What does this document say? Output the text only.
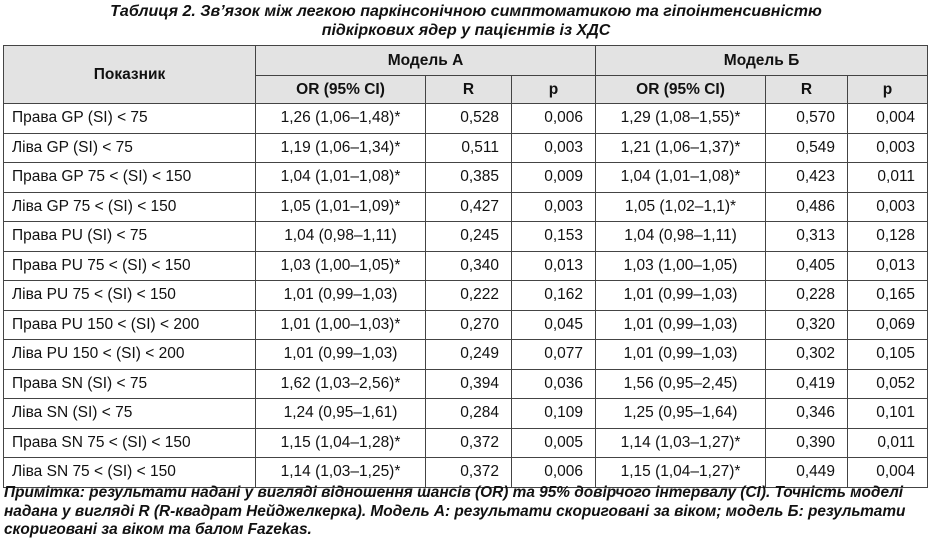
Таблиця 2. Зв’язок між легкою паркінсонічною симптоматикою та гіпоінтенсивністю
підкіркових ядер у пацієнтів із ХДС
Показник	Модель А			Модель Б		
	OR (95% CI)	R	p	OR (95% CI)	R	p
Права GP (SI) < 75	1,26 (1,06–1,48)*	0,528	0,006	1,29 (1,08–1,55)*	0,570	0,004
Ліва GP (SI) < 75	1,19 (1,06–1,34)*	0,511	0,003	1,21 (1,06–1,37)*	0,549	0,003
Права GP 75 < (SI) < 150	1,04 (1,01–1,08)*	0,385	0,009	1,04 (1,01–1,08)*	0,423	0,011
Ліва GP 75 < (SI) < 150	1,05 (1,01–1,09)*	0,427	0,003	1,05 (1,02–1,1)*	0,486	0,003
Права PU (SI) < 75	1,04 (0,98–1,11)	0,245	0,153	1,04 (0,98–1,11)	0,313	0,128
Права PU 75 < (SI) < 150	1,03 (1,00–1,05)*	0,340	0,013	1,03 (1,00–1,05)	0,405	0,013
Ліва PU 75 < (SI) < 150	1,01 (0,99–1,03)	0,222	0,162	1,01 (0,99–1,03)	0,228	0,165
Права PU 150 < (SI) < 200	1,01 (1,00–1,03)*	0,270	0,045	1,01 (0,99–1,03)	0,320	0,069
Ліва PU 150 < (SI) < 200	1,01 (0,99–1,03)	0,249	0,077	1,01 (0,99–1,03)	0,302	0,105
Права SN (SI) < 75	1,62 (1,03–2,56)*	0,394	0,036	1,56 (0,95–2,45)	0,419	0,052
Ліва SN (SI) < 75	1,24 (0,95–1,61)	0,284	0,109	1,25 (0,95–1,64)	0,346	0,101
Права SN 75 < (SI) < 150	1,15 (1,04–1,28)*	0,372	0,005	1,14 (1,03–1,27)*	0,390	0,011
Ліва SN 75 < (SI) < 150	1,14 (1,03–1,25)*	0,372	0,006	1,15 (1,04–1,27)*	0,449	0,004
Примітка: результати надані у вигляді відношення шансів (OR) та 95% довірчого інтервалу (CI). Точність моделі надана у вигляді R (R-квадрат Нейджелкерка). Модель А: результати скориговані за віком; модель Б: результати скориговані за віком та балом Fazekas.
